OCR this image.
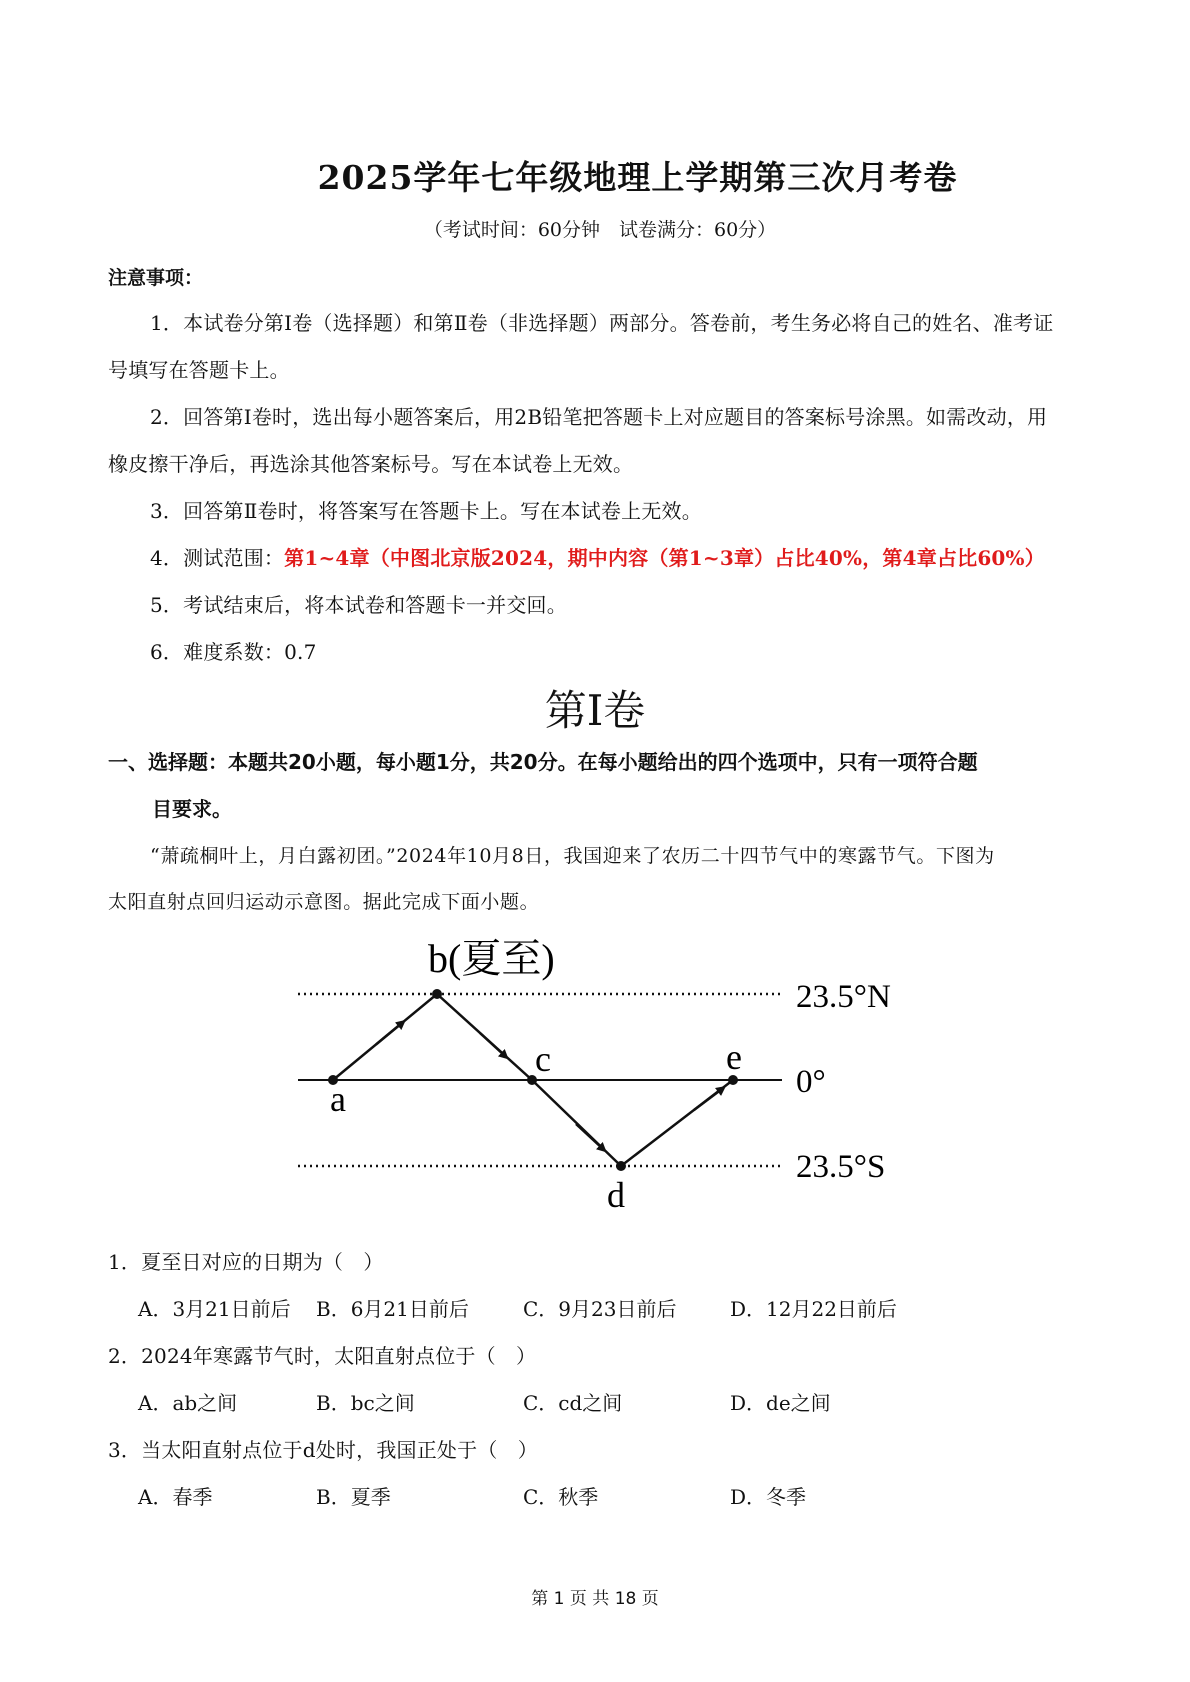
2025学年七年级地理上学期第三次月考卷
（考试时间：60分钟　试卷满分：60分）
注意事项：
1．本试卷分第Ⅰ卷（选择题）和第Ⅱ卷（非选择题）两部分。答卷前，考生务必将自己的姓名、准考证
号填写在答题卡上。
2．回答第Ⅰ卷时，选出每小题答案后，用2B铅笔把答题卡上对应题目的答案标号涂黑。如需改动，用
橡皮擦干净后，再选涂其他答案标号。写在本试卷上无效。
3．回答第Ⅱ卷时，将答案写在答题卡上。写在本试卷上无效。
4．测试范围：第1~4章（中图北京版2024，期中内容（第1~3章）占比40%，第4章占比60%）
5．考试结束后，将本试卷和答题卡一并交回。
6．难度系数：0.7
第Ⅰ卷
一、选择题：本题共20小题，每小题1分，共20分。在每小题给出的四个选项中，只有一项符合题
目要求。
“萧疏桐叶上，月白露初团。”2024年10月8日，我国迎来了农历二十四节气中的寒露节气。下图为
太阳直射点回归运动示意图。据此完成下面小题。
b(夏至)
a
c
d
e
23.5°N
0°
23.5°S
1．夏至日对应的日期为（　）
A．3月21日前后 B．6月21日前后	C．9月23日前后	D．12月22日前后
2．2024年寒露节气时，太阳直射点位于（　）
A．ab之间	B．bc之间	C．cd之间	D．de之间
3．当太阳直射点位于d处时，我国正处于（　）
A．春季	B．夏季	C．秋季	D．冬季
第 1 页 共 18 页
